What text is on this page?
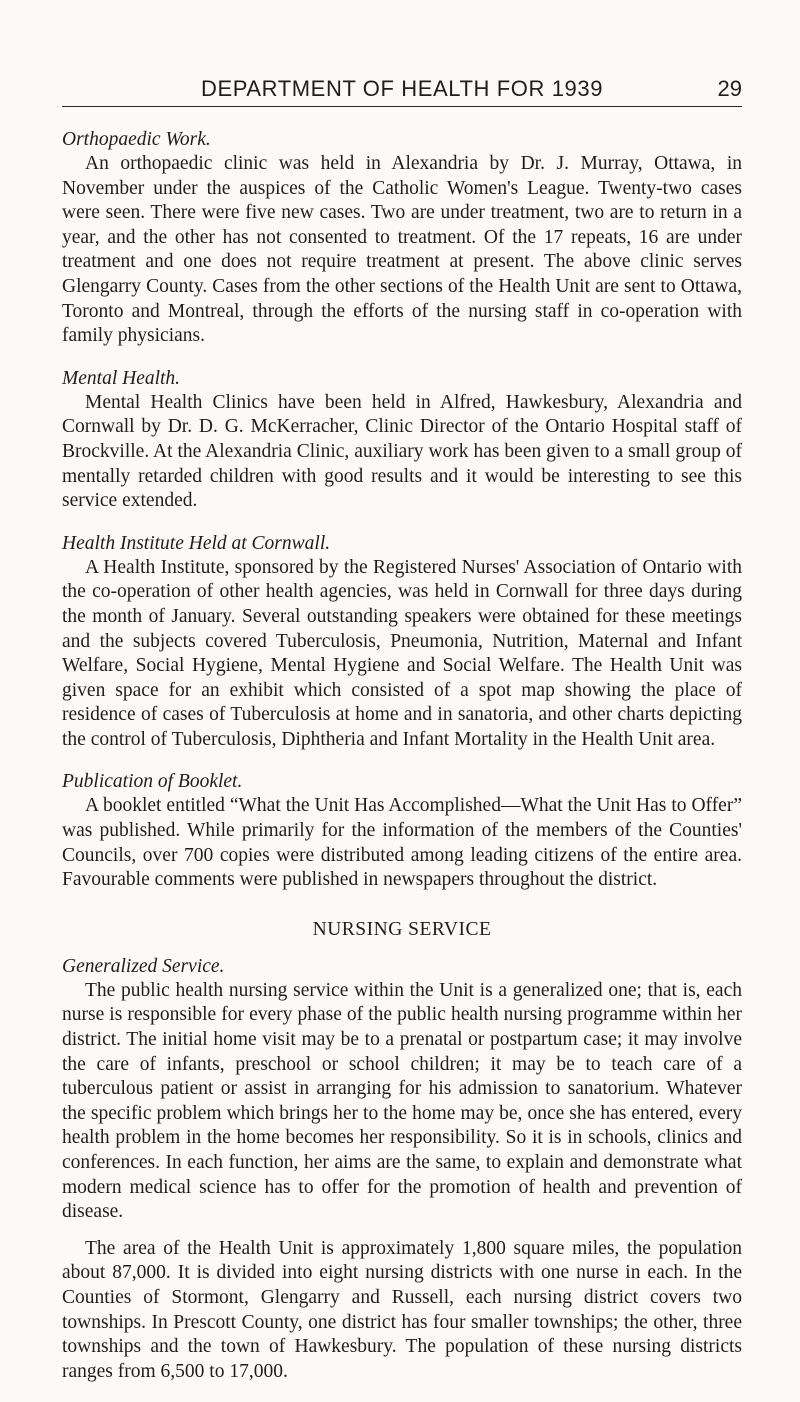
DEPARTMENT OF HEALTH FOR 1939	29
Orthopaedic Work.

An orthopaedic clinic was held in Alexandria by Dr. J. Murray, Ottawa, in November under the auspices of the Catholic Women's League. Twenty-two cases were seen. There were five new cases. Two are under treatment, two are to return in a year, and the other has not consented to treatment. Of the 17 repeats, 16 are under treatment and one does not require treatment at present. The above clinic serves Glengarry County. Cases from the other sections of the Health Unit are sent to Ottawa, Toronto and Montreal, through the efforts of the nursing staff in co-operation with family physicians.

Mental Health.

Mental Health Clinics have been held in Alfred, Hawkesbury, Alexandria and Cornwall by Dr. D. G. McKerracher, Clinic Director of the Ontario Hospital staff of Brockville. At the Alexandria Clinic, auxiliary work has been given to a small group of mentally retarded children with good results and it would be interesting to see this service extended.

Health Institute Held at Cornwall.

A Health Institute, sponsored by the Registered Nurses' Association of Ontario with the co-operation of other health agencies, was held in Cornwall for three days during the month of January. Several outstanding speakers were obtained for these meetings and the subjects covered Tuberculosis, Pneumonia, Nutrition, Maternal and Infant Welfare, Social Hygiene, Mental Hygiene and Social Welfare. The Health Unit was given space for an exhibit which consisted of a spot map showing the place of residence of cases of Tuberculosis at home and in sanatoria, and other charts depicting the control of Tuberculosis, Diphtheria and Infant Mortality in the Health Unit area.

Publication of Booklet.

A booklet entitled “What the Unit Has Accomplished—What the Unit Has to Offer” was published. While primarily for the information of the members of the Counties' Councils, over 700 copies were distributed among leading citizens of the entire area. Favourable comments were published in newspapers throughout the district.

NURSING SERVICE
Generalized Service.

The public health nursing service within the Unit is a generalized one; that is, each nurse is responsible for every phase of the public health nursing programme within her district. The initial home visit may be to a prenatal or postpartum case; it may involve the care of infants, preschool or school children; it may be to teach care of a tuberculous patient or assist in arranging for his admission to sanatorium. Whatever the specific problem which brings her to the home may be, once she has entered, every health problem in the home becomes her responsibility. So it is in schools, clinics and conferences. In each function, her aims are the same, to explain and demonstrate what modern medical science has to offer for the promotion of health and prevention of disease.

The area of the Health Unit is approximately 1,800 square miles, the population about 87,000. It is divided into eight nursing districts with one nurse in each. In the Counties of Stormont, Glengarry and Russell, each nursing district covers two townships. In Prescott County, one district has four smaller townships; the other, three townships and the town of Hawkesbury. The population of these nursing districts ranges from 6,500 to 17,000.
